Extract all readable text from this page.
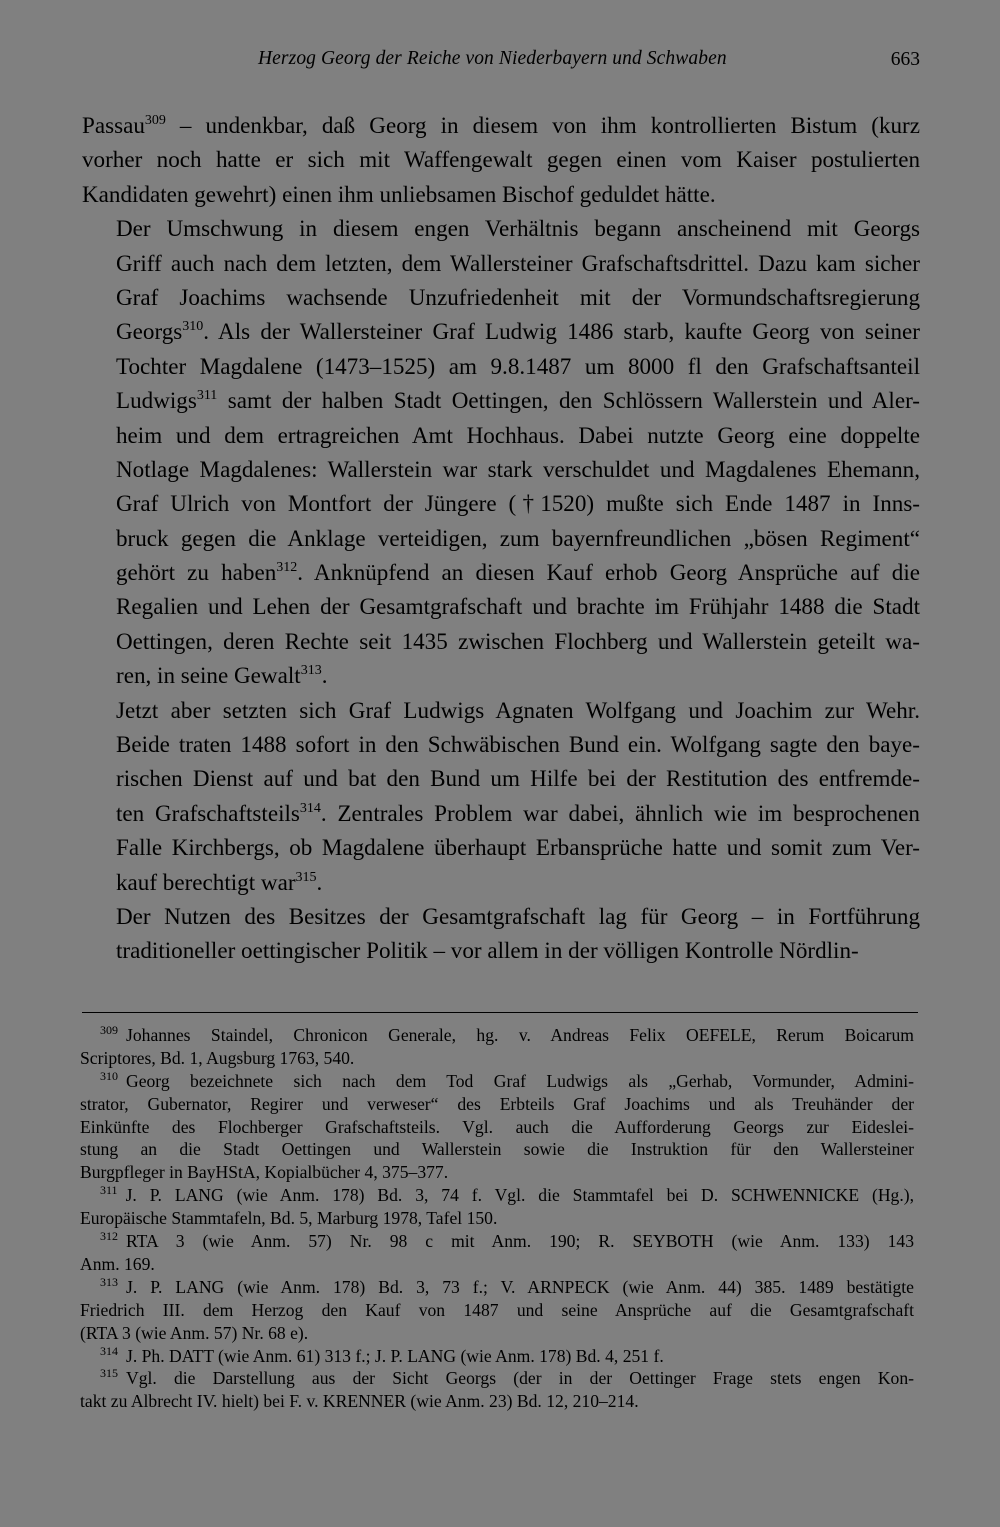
Herzog Georg der Reiche von Niederbayern und Schwaben	663

Passau$^{309}$ – undenkbar, daß Georg in diesem von ihm kontrollierten Bistum (kurz
vorher noch hatte er sich mit Waffengewalt gegen einen vom Kaiser postulierten
Kandidaten gewehrt) einen ihm unliebsamen Bischof geduldet hätte.

Der Umschwung in diesem engen Verhältnis begann anscheinend mit Georgs
Griff auch nach dem letzten, dem Wallersteiner Grafschaftsdrittel. Dazu kam sicher
Graf Joachims wachsende Unzufriedenheit mit der Vormundschaftsregierung
Georgs$^{310}$. Als der Wallersteiner Graf Ludwig 1486 starb, kaufte Georg von seiner
Tochter Magdalene (1473–1525) am 9.8.1487 um 8000 fl den Grafschaftsanteil
Ludwigs$^{311}$ samt der halben Stadt Oettingen, den Schlössern Wallerstein und Aler-
heim und dem ertragreichen Amt Hochhaus. Dabei nutzte Georg eine doppelte
Notlage Magdalenes: Wallerstein war stark verschuldet und Magdalenes Ehemann,
Graf Ulrich von Montfort der Jüngere (†1520) mußte sich Ende 1487 in Inns-
bruck gegen die Anklage verteidigen, zum bayernfreundlichen „bösen Regiment“
gehört zu haben$^{312}$. Anknüpfend an diesen Kauf erhob Georg Ansprüche auf die
Regalien und Lehen der Gesamtgrafschaft und brachte im Frühjahr 1488 die Stadt
Oettingen, deren Rechte seit 1435 zwischen Flochberg und Wallerstein geteilt wa-
ren, in seine Gewalt$^{313}$.

Jetzt aber setzten sich Graf Ludwigs Agnaten Wolfgang und Joachim zur Wehr.
Beide traten 1488 sofort in den Schwäbischen Bund ein. Wolfgang sagte den baye-
rischen Dienst auf und bat den Bund um Hilfe bei der Restitution des entfremde-
ten Grafschaftsteils$^{314}$. Zentrales Problem war dabei, ähnlich wie im besprochenen
Falle Kirchbergs, ob Magdalene überhaupt Erbansprüche hatte und somit zum Ver-
kauf berechtigt war$^{315}$.

Der Nutzen des Besitzes der Gesamtgrafschaft lag für Georg – in Fortführung
traditioneller oettingischer Politik – vor allem in der völligen Kontrolle Nördlin-

$^{309}$ Johannes Staindel, Chronicon Generale, hg. v. Andreas Felix OEFELE, Rerum Boicarum
Scriptores, Bd. 1, Augsburg 1763, 540.
$^{310}$ Georg bezeichnete sich nach dem Tod Graf Ludwigs als „Gerhab, Vormunder, Admini-
strator, Gubernator, Regirer und verweser“ des Erbteils Graf Joachims und als Treuhänder der
Einkünfte des Flochberger Grafschaftsteils. Vgl. auch die Aufforderung Georgs zur Eideslei-
stung an die Stadt Oettingen und Wallerstein sowie die Instruktion für den Wallersteiner
Burgpfleger in BayHStA, Kopialbücher 4, 375–377.
$^{311}$ J. P. LANG (wie Anm. 178) Bd. 3, 74 f. Vgl. die Stammtafel bei D. SCHWENNICKE (Hg.),
Europäische Stammtafeln, Bd. 5, Marburg 1978, Tafel 150.
$^{312}$ RTA 3 (wie Anm. 57) Nr. 98 c mit Anm. 190; R. SEYBOTH (wie Anm. 133) 143
Anm. 169.
$^{313}$ J. P. LANG (wie Anm. 178) Bd. 3, 73 f.; V. ARNPECK (wie Anm. 44) 385. 1489 bestätigte
Friedrich III. dem Herzog den Kauf von 1487 und seine Ansprüche auf die Gesamtgrafschaft
(RTA 3 (wie Anm. 57) Nr. 68 e).
$^{314}$ J. Ph. DATT (wie Anm. 61) 313 f.; J. P. LANG (wie Anm. 178) Bd. 4, 251 f.
$^{315}$ Vgl. die Darstellung aus der Sicht Georgs (der in der Oettinger Frage stets engen Kon-
takt zu Albrecht IV. hielt) bei F. v. KRENNER (wie Anm. 23) Bd. 12, 210–214.
